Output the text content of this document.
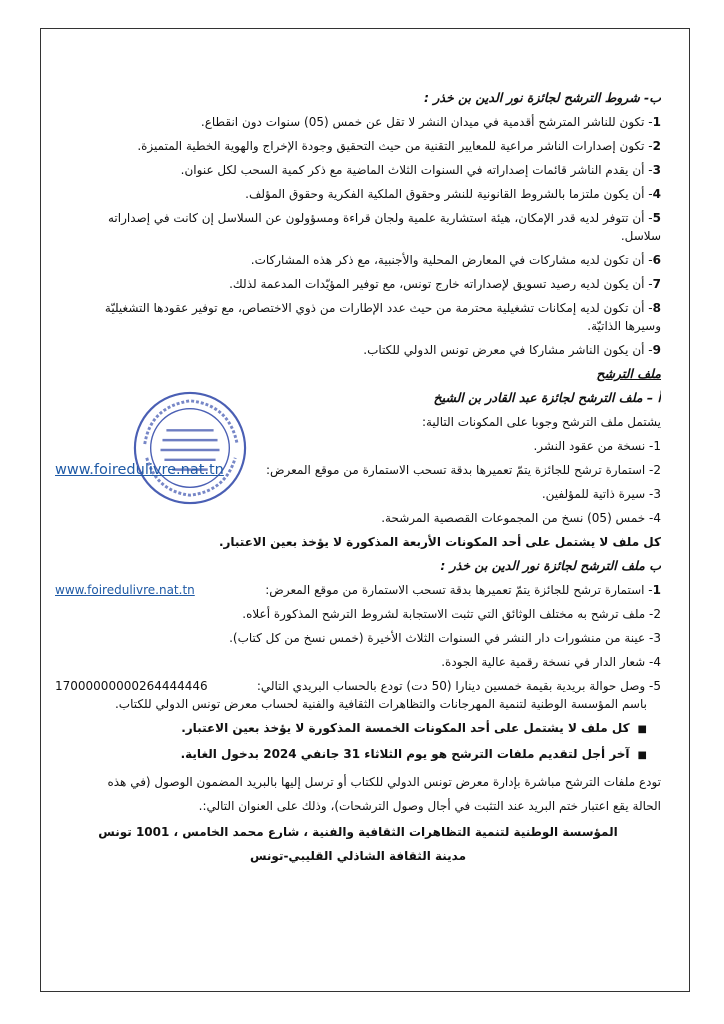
ب- شروط الترشح لجائزة نور الدين بن خذر :

1- تكون للناشر المترشح أقدمية في ميدان النشر لا تقل عن خمس (05) سنوات دون انقطاع.

2- تكون إصدارات الناشر مراعية للمعايير التقنية من حيث التحقيق وجودة الإخراج والهوية الخطية المتميزة.

3- أن يقدم الناشر قائمات إصداراته في السنوات الثلاث الماضية مع ذكر كمية السحب لكل عنوان.

4- أن يكون ملتزما بالشروط القانونية للنشر وحقوق الملكية الفكرية وحقوق المؤلف.

5- أن تتوفر لديه قدر الإمكان، هيئة استشارية علمية ولجان قراءة ومسؤولون عن السلاسل إن كانت في إصداراته

سلاسل.

6- أن تكون لديه مشاركات في المعارض المحلية والأجنبية، مع ذكر هذه المشاركات.

7- أن يكون لديه رصيد تسويق لإصداراته خارج تونس، مع توفير المؤيّدات المدعمة لذلك.

8- أن تكون لديه إمكانات تشغيلية محترمة من حيث عدد الإطارات من ذوي الاختصاص، مع توفير عقودها التشغيليّة

وسيرها الذاتيّة.

9- أن يكون الناشر مشاركا في معرض تونس الدولي للكتاب.

ملف الترشح

أ – ملف الترشح لجائزة عبد القادر بن الشيخ

يشتمل ملف الترشح وجوبا على المكونات التالية:

1- نسخة من عقود النشر.

2- استمارة ترشح للجائزة يتمّ تعميرها بدقة تسحب الاستمارة من موقع المعرض:
www.foiredulivre.nat.tn

3- سيرة ذاتية للمؤلفين.

4- خمس (05) نسخ من المجموعات القصصية المرشحة.

كل ملف لا يشتمل على أحد المكونات الأربعة المذكورة لا يؤخذ بعين الاعتبار.

ب ملف الترشح لجائزة نور الدين بن خذر :

1- استمارة ترشح للجائزة يتمّ تعميرها بدقة تسحب الاستمارة من موقع المعرض:
www.foiredulivre.nat.tn

2- ملف ترشح به مختلف الوثائق التي تثبت الاستجابة لشروط الترشح المذكورة أعلاه.

3- عينة من منشورات دار النشر في السنوات الثلاث الأخيرة (خمس نسخ من كل كتاب).

4- شعار الدار في نسخة رقمية عالية الجودة.

5- وصل حوالة بريدية بقيمة خمسين دينارا (50 دت) تودع بالحساب البريدي التالي:
17000000000264444446

باسم المؤسسة الوطنية لتنمية المهرجانات والتظاهرات الثقافية والفنية لحساب معرض تونس الدولي للكتاب.

■كل ملف لا يشتمل على أحد المكونات الخمسة المذكورة لا يؤخذ بعين الاعتبار.

■آخر أجل لتقديم ملفات الترشح هو يوم الثلاثاء 31 جانفي 2024 بدخول الغاية.

تودع ملفات الترشح مباشرة بإدارة معرض تونس الدولي للكتاب أو ترسل إليها بالبريد المضمون الوصول (في هذه

الحالة يقع اعتبار ختم البريد عند التثبت في أجال وصول الترشحات)، وذلك على العنوان التالي:.

المؤسسة الوطنية لتنمية التظاهرات الثقافية والفنية ، شارع محمد الخامس ، 1001 تونس

مدينة الثقافة الشاذلي القليبي-تونس
